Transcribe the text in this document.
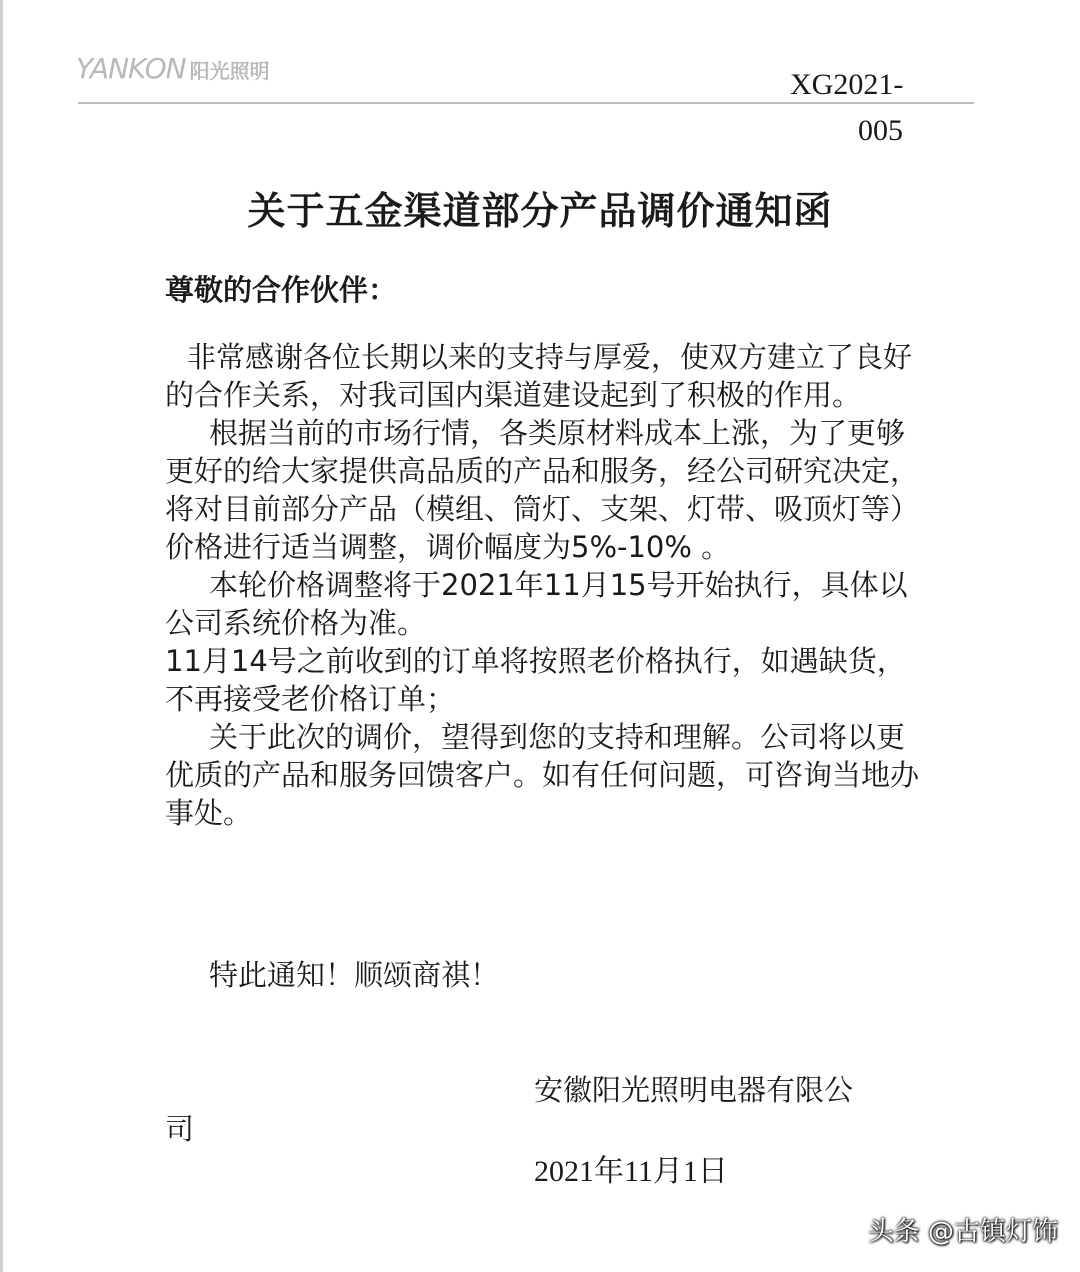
YANKON 阳光照明	XG2021-
005
关于五金渠道部分产品调价通知函
尊敬的合作伙伴：

非常感谢各位长期以来的支持与厚爱，使双方建立了良好的合作关系，对我司国内渠道建设起到了积极的作用。

根据当前的市场行情，各类原材料成本上涨，为了更够更好的给大家提供高品质的产品和服务，经公司研究决定，将对目前部分产品（模组、筒灯、支架、灯带、吸顶灯等）价格进行适当调整，调价幅度为5%-10% 。

本轮价格调整将于2021年11月15号开始执行，具体以公司系统价格为准。

11月14号之前收到的订单将按照老价格执行，如遇缺货，不再接受老价格订单；

关于此次的调价，望得到您的支持和理解。公司将以更优质的产品和服务回馈客户。如有任何问题，可咨询当地办事处。

特此通知！顺颂商祺！
安徽阳光照明电器有限公
司
2021年11月1日
头条 @古镇灯饰
